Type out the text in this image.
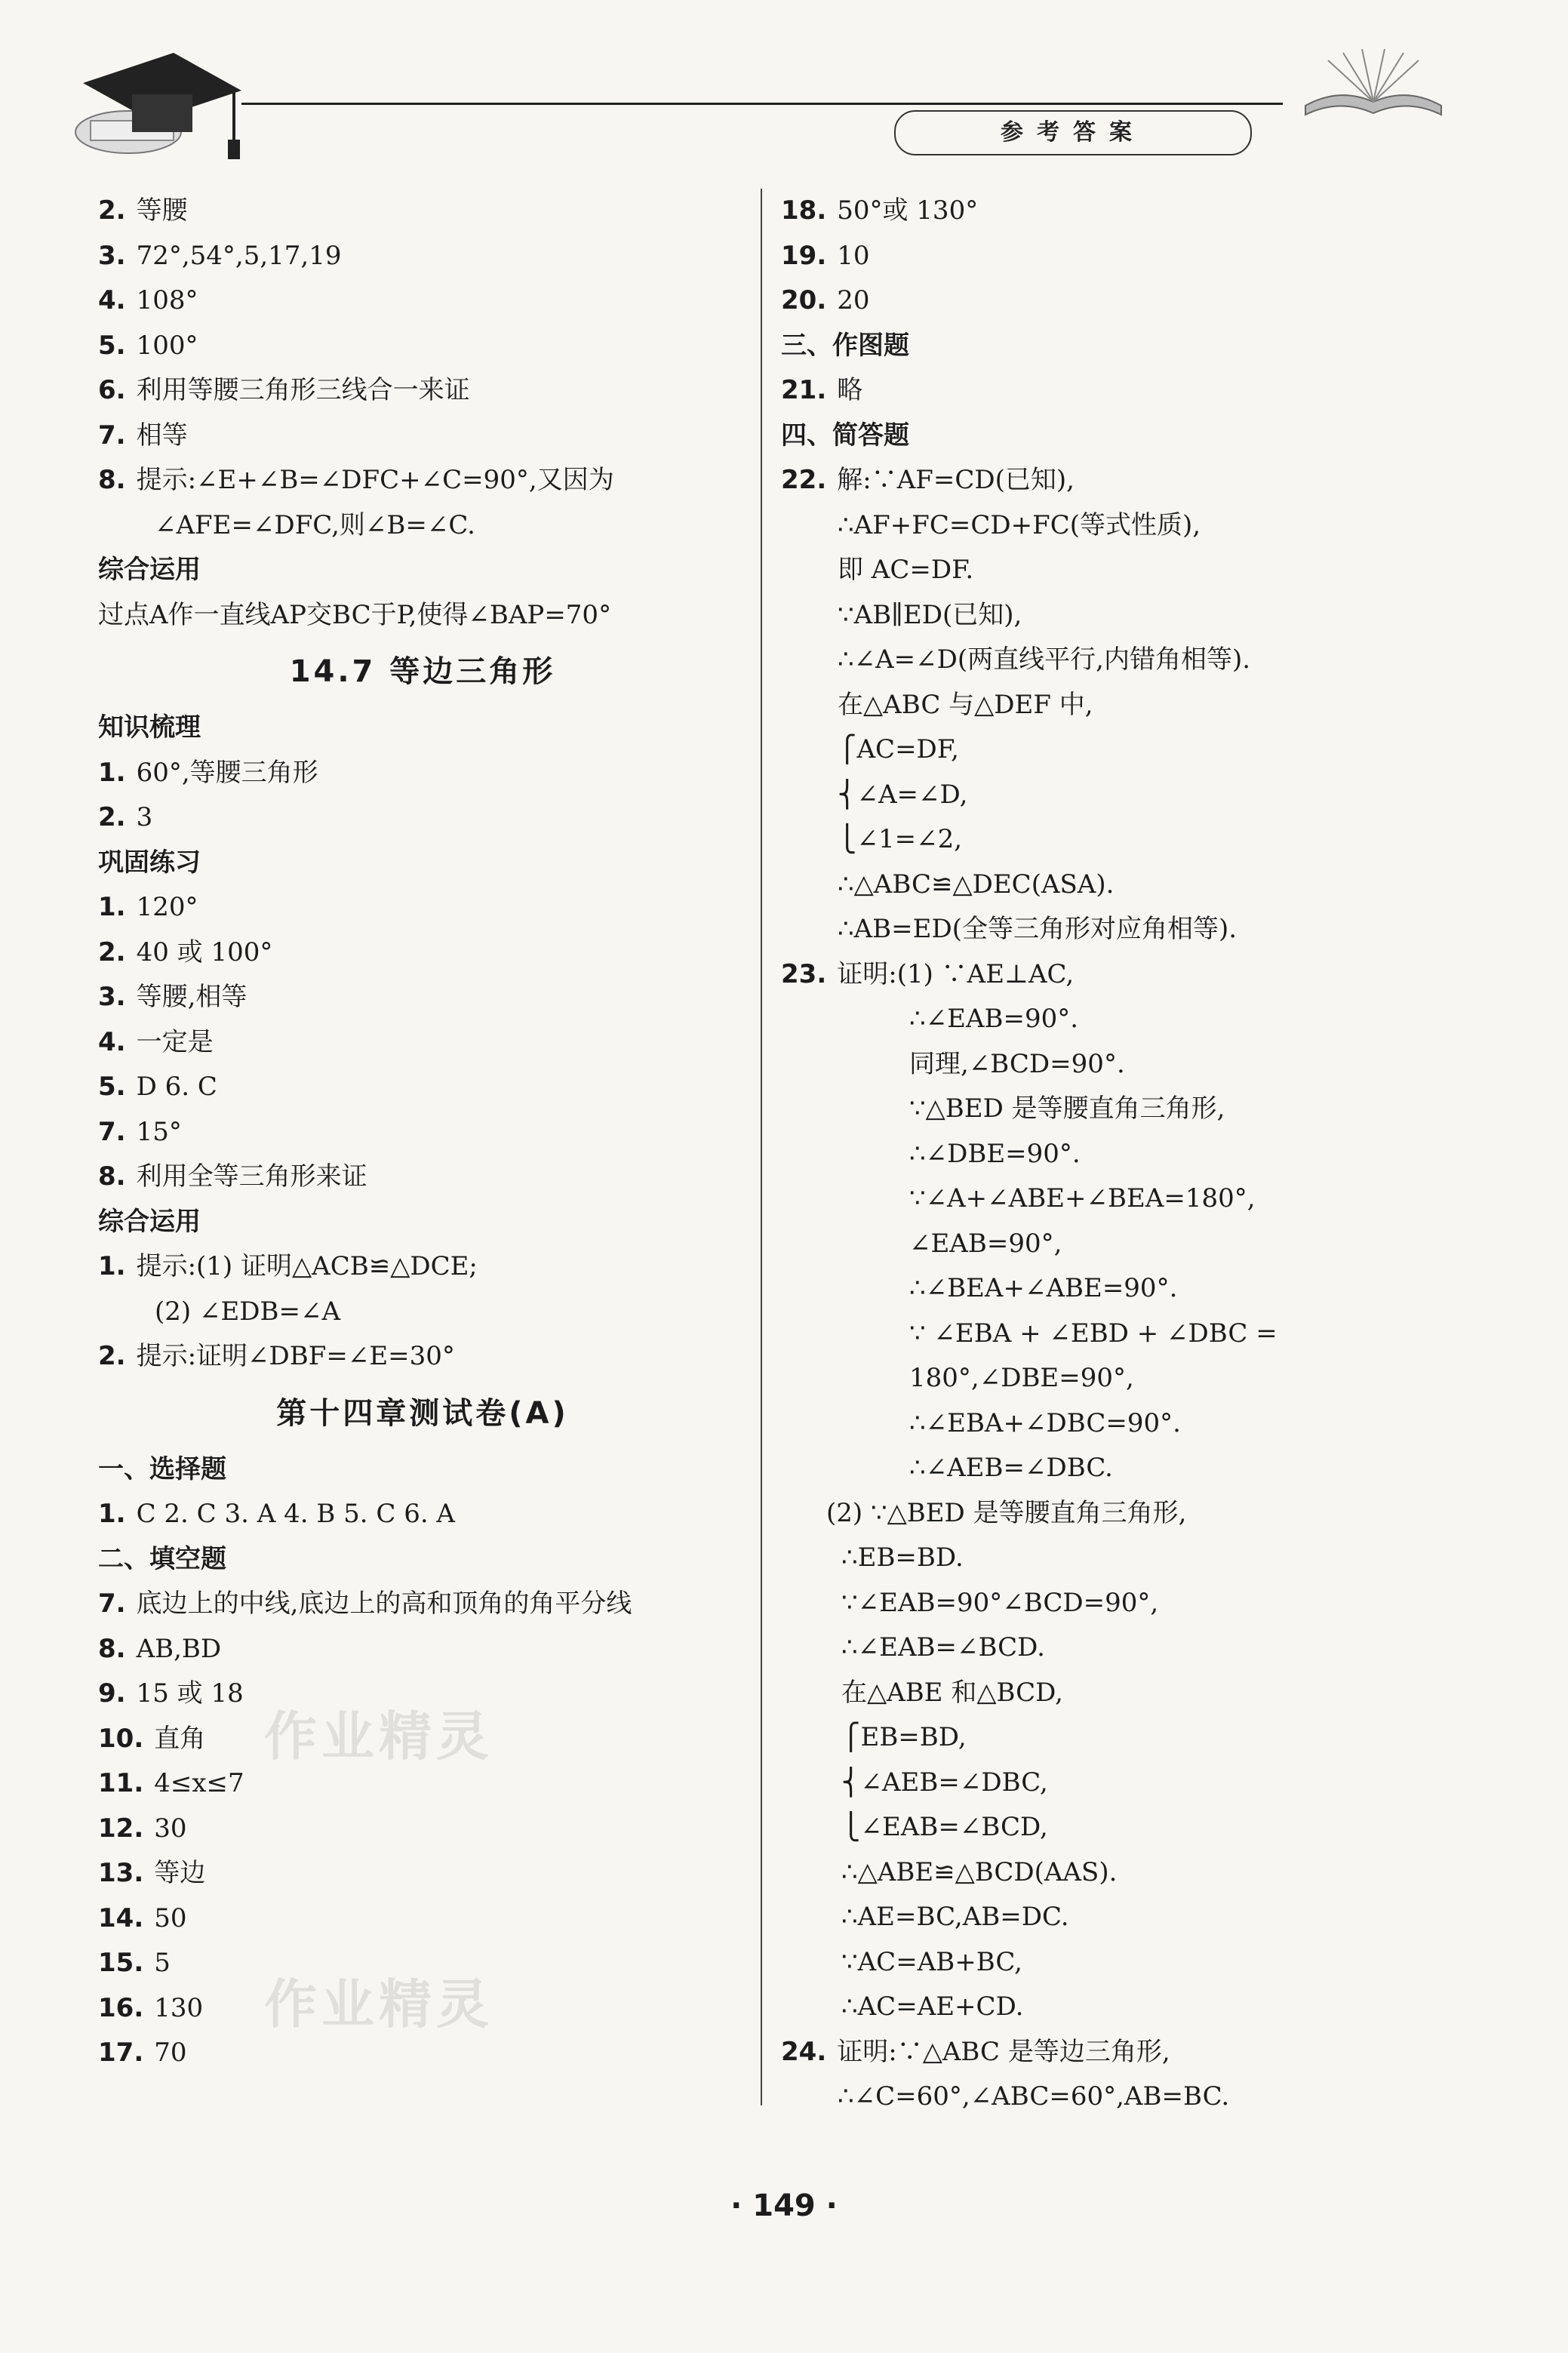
参考答案
2. 等腰
3. 72°,54°,5,17,19
4. 108°
5. 100°
6. 利用等腰三角形三线合一来证
7. 相等
8. 提示:∠E+∠B=∠DFC+∠C=90°,又因为
∠AFE=∠DFC,则∠B=∠C.
综合运用
过点A作一直线AP交BC于P,使得∠BAP=70°
14.7 等边三角形
知识梳理
1. 60°,等腰三角形
2. 3
巩固练习
1. 120°
2. 40 或 100°
3. 等腰,相等
4. 一定是
5. D 6. C
7. 15°
8. 利用全等三角形来证
综合运用
1. 提示:(1) 证明△ACB≌△DCE;
(2) ∠EDB=∠A
2. 提示:证明∠DBF=∠E=30°
第十四章测试卷(A)
一、选择题
1. C 2. C 3. A 4. B 5. C 6. A
二、填空题
7. 底边上的中线,底边上的高和顶角的角平分线
8. AB,BD
9. 15 或 18
10. 直角
11. 4≤x≤7
12. 30
13. 等边
14. 50
15. 5
16. 130
17. 70
18. 50°或 130°
19. 10
20. 20
三、作图题
21. 略
四、简答题
22. 解:∵AF=CD(已知),
∴AF+FC=CD+FC(等式性质),
即 AC=DF.
∵AB∥ED(已知),
∴∠A=∠D(两直线平行,内错角相等).
在△ABC 与△DEF 中,
⎧AC=DF,
⎨∠A=∠D,
⎩∠1=∠2,
∴△ABC≌△DEC(ASA).
∴AB=ED(全等三角形对应角相等).
23. 证明:(1) ∵AE⊥AC,
∴∠EAB=90°.
同理,∠BCD=90°.
∵△BED 是等腰直角三角形,
∴∠DBE=90°.
∵∠A+∠ABE+∠BEA=180°,
∠EAB=90°,
∴∠BEA+∠ABE=90°.
∵ ∠EBA + ∠EBD + ∠DBC =
180°,∠DBE=90°,
∴∠EBA+∠DBC=90°.
∴∠AEB=∠DBC.
(2) ∵△BED 是等腰直角三角形,
∴EB=BD.
∵∠EAB=90°∠BCD=90°,
∴∠EAB=∠BCD.
在△ABE 和△BCD,
⎧EB=BD,
⎨∠AEB=∠DBC,
⎩∠EAB=∠BCD,
∴△ABE≌△BCD(AAS).
∴AE=BC,AB=DC.
∵AC=AB+BC,
∴AC=AE+CD.
24. 证明:∵△ABC 是等边三角形,
∴∠C=60°,∠ABC=60°,AB=BC.
作业精灵
作业精灵
· 149 ·
